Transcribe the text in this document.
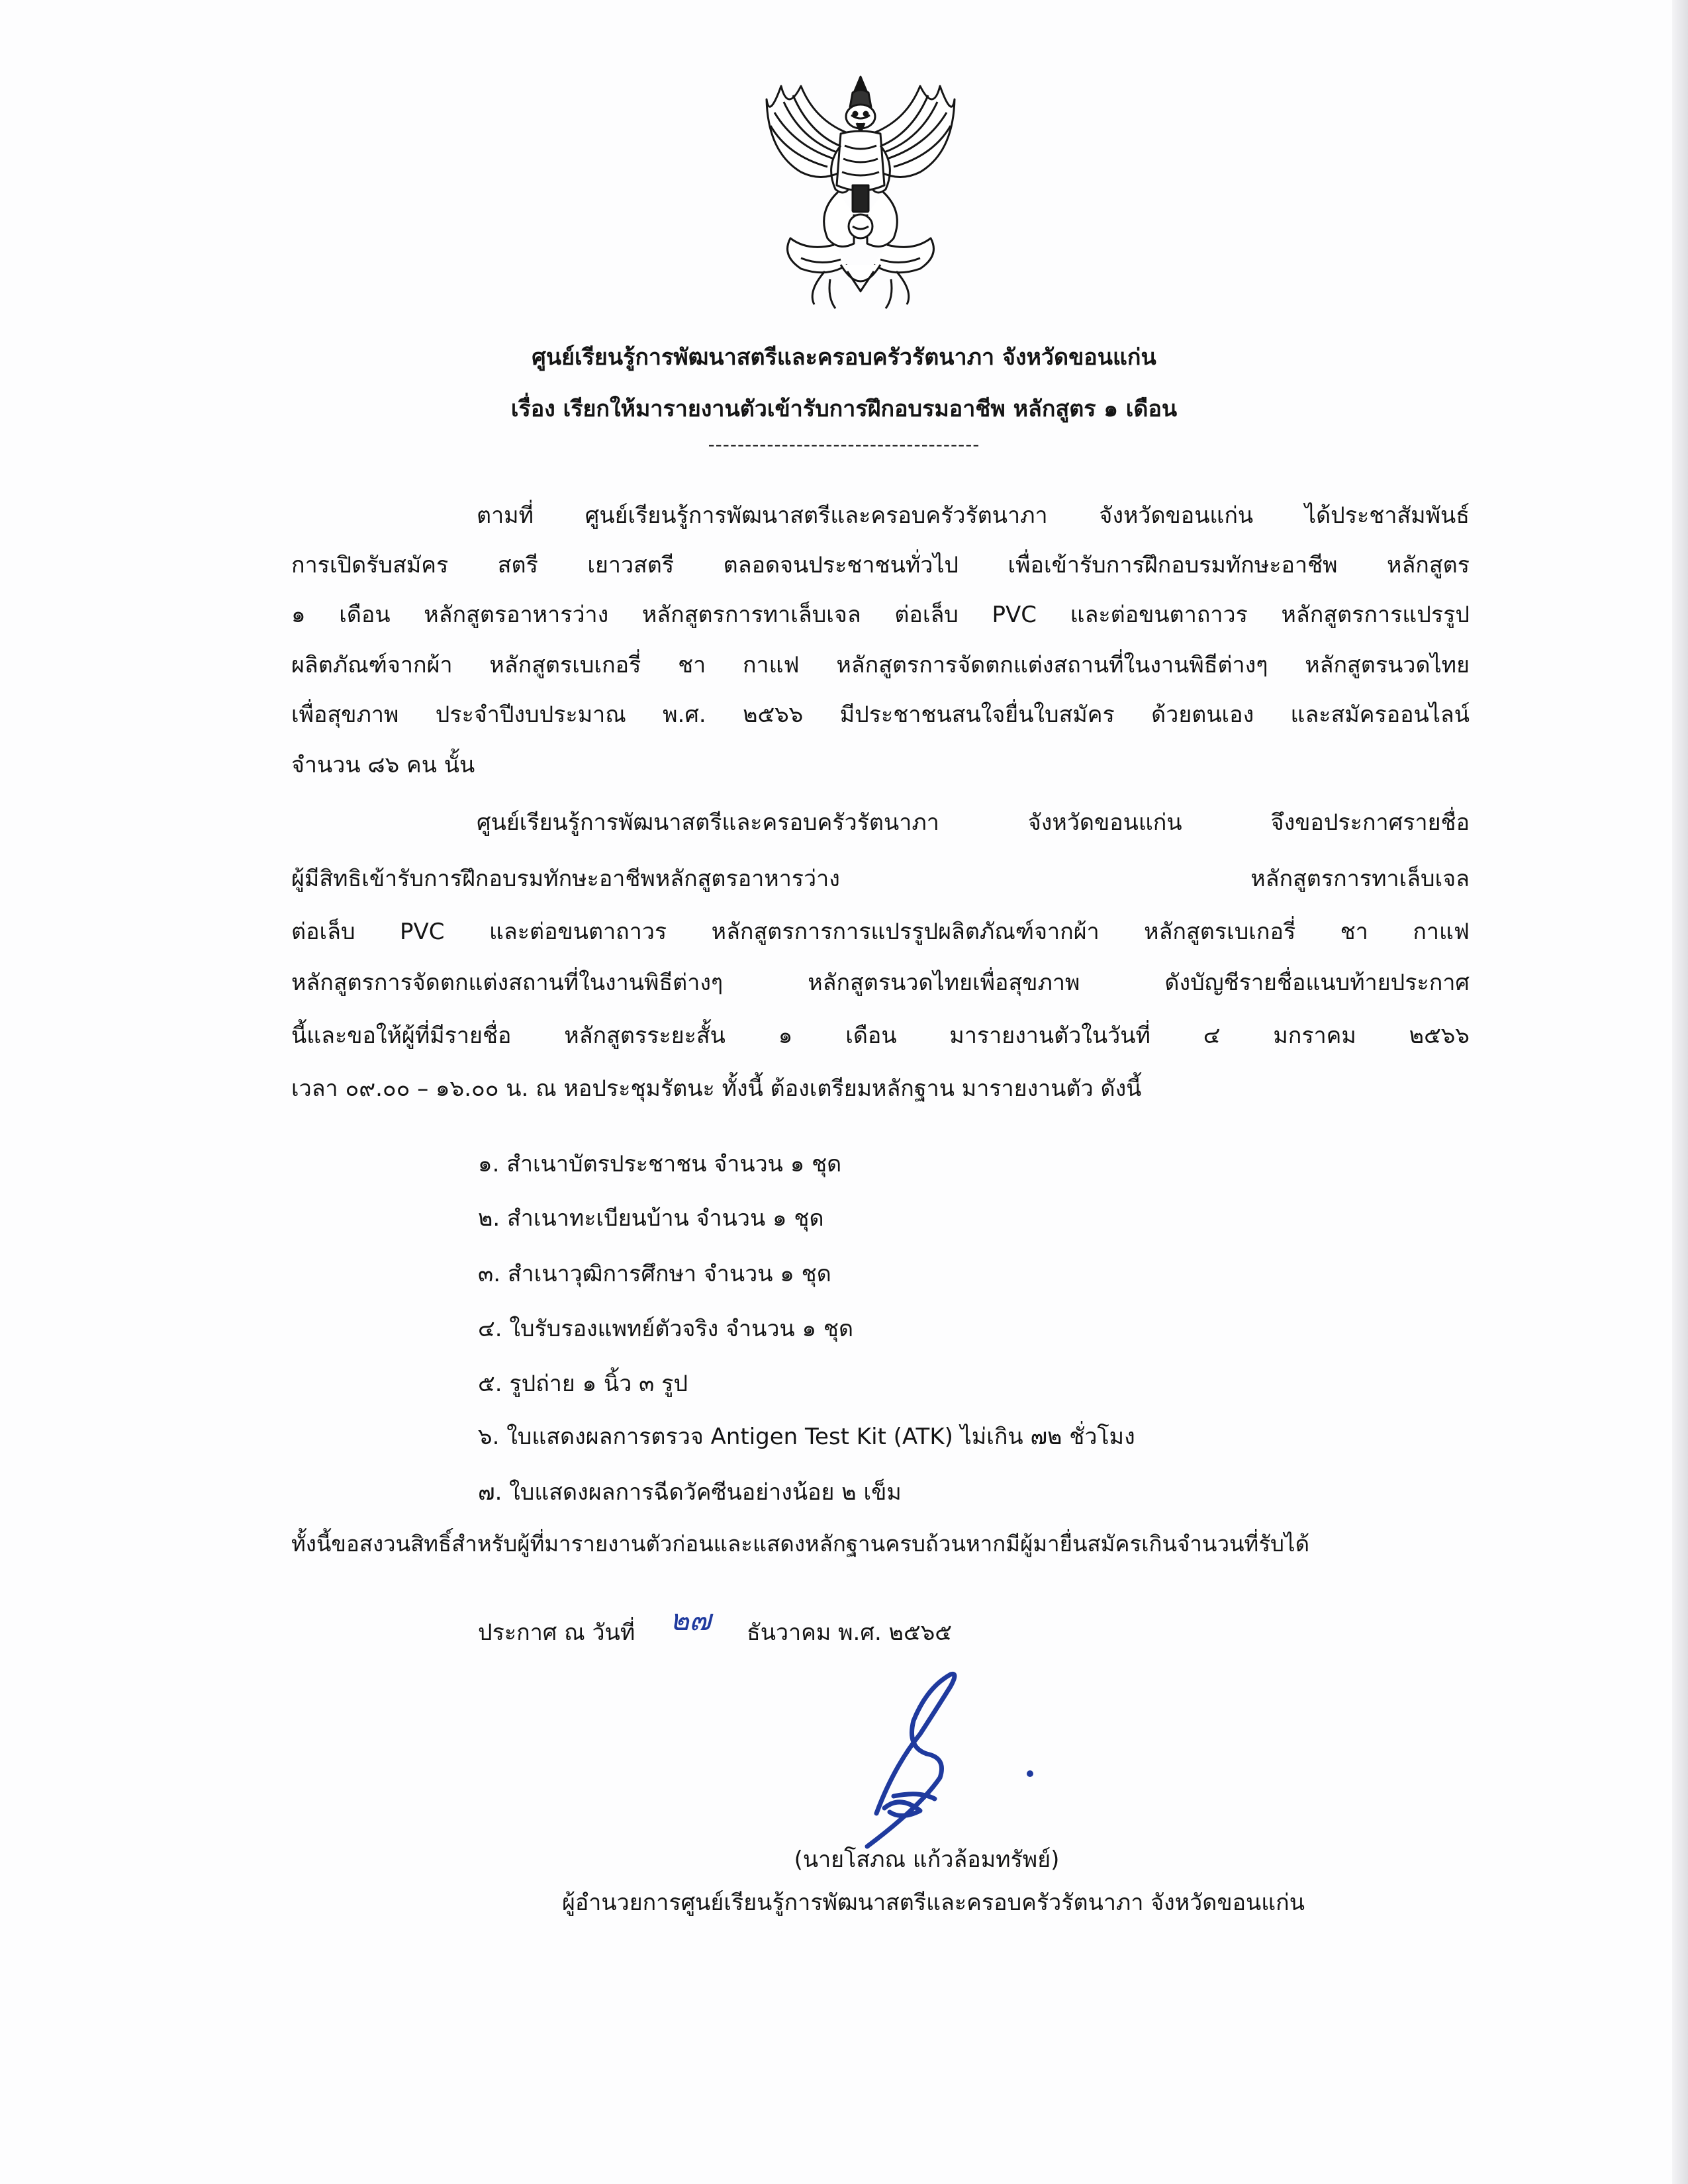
ศูนย์เรียนรู้การพัฒนาสตรีและครอบครัวรัตนาภา จังหวัดขอนแก่น
เรื่อง เรียกให้มารายงานตัวเข้ารับการฝึกอบรมอาชีพ หลักสูตร ๑ เดือน
-------------------------------------
ตามที่ ศูนย์เรียนรู้การพัฒนาสตรีและครอบครัวรัตนาภา จังหวัดขอนแก่น ได้ประชาสัมพันธ์
การเปิดรับสมัคร สตรี เยาวสตรี ตลอดจนประชาชนทั่วไป เพื่อเข้ารับการฝึกอบรมทักษะอาชีพ หลักสูตร
๑ เดือน หลักสูตรอาหารว่าง หลักสูตรการทาเล็บเจล ต่อเล็บ PVC และต่อขนตาถาวร หลักสูตรการแปรรูป
ผลิตภัณฑ์จากผ้า หลักสูตรเบเกอรี่ ชา กาแฟ หลักสูตรการจัดตกแต่งสถานที่ในงานพิธีต่างๆ หลักสูตรนวดไทย
เพื่อสุขภาพ ประจำปีงบประมาณ พ.ศ. ๒๕๖๖ มีประชาชนสนใจยื่นใบสมัคร ด้วยตนเอง และสมัครออนไลน์
จำนวน ๘๖ คน นั้น
ศูนย์เรียนรู้การพัฒนาสตรีและครอบครัวรัตนาภา จังหวัดขอนแก่น จึงขอประกาศรายชื่อ
ผู้มีสิทธิเข้ารับการฝึกอบรมทักษะอาชีพหลักสูตรอาหารว่าง หลักสูตรการทาเล็บเจล
ต่อเล็บ PVC และต่อขนตาถาวร หลักสูตรการการแปรรูปผลิตภัณฑ์จากผ้า หลักสูตรเบเกอรี่ ชา กาแฟ
หลักสูตรการจัดตกแต่งสถานที่ในงานพิธีต่างๆ หลักสูตรนวดไทยเพื่อสุขภาพ ดังบัญชีรายชื่อแนบท้ายประกาศ
นี้และขอให้ผู้ที่มีรายชื่อ หลักสูตรระยะสั้น ๑ เดือน มารายงานตัวในวันที่ ๔ มกราคม ๒๕๖๖
เวลา ๐๙.๐๐ – ๑๖.๐๐ น. ณ หอประชุมรัตนะ ทั้งนี้ ต้องเตรียมหลักฐาน มารายงานตัว ดังนี้
๑. สำเนาบัตรประชาชน จำนวน ๑ ชุด
๒. สำเนาทะเบียนบ้าน จำนวน ๑ ชุด
๓. สำเนาวุฒิการศึกษา จำนวน ๑ ชุด
๔. ใบรับรองแพทย์ตัวจริง จำนวน ๑ ชุด
๕. รูปถ่าย ๑ นิ้ว ๓ รูป
๖. ใบแสดงผลการตรวจ Antigen Test Kit (ATK) ไม่เกิน ๗๒ ชั่วโมง
๗. ใบแสดงผลการฉีดวัคซีนอย่างน้อย ๒ เข็ม
ทั้งนี้ขอสงวนสิทธิ์สำหรับผู้ที่มารายงานตัวก่อนและแสดงหลักฐานครบถ้วนหากมีผู้มายื่นสมัครเกินจำนวนที่รับได้
ประกาศ ณ วันที่ ๒๗ ธันวาคม พ.ศ. ๒๕๖๕
(นายโสภณ แก้วล้อมทรัพย์)
ผู้อำนวยการศูนย์เรียนรู้การพัฒนาสตรีและครอบครัวรัตนาภา จังหวัดขอนแก่น
